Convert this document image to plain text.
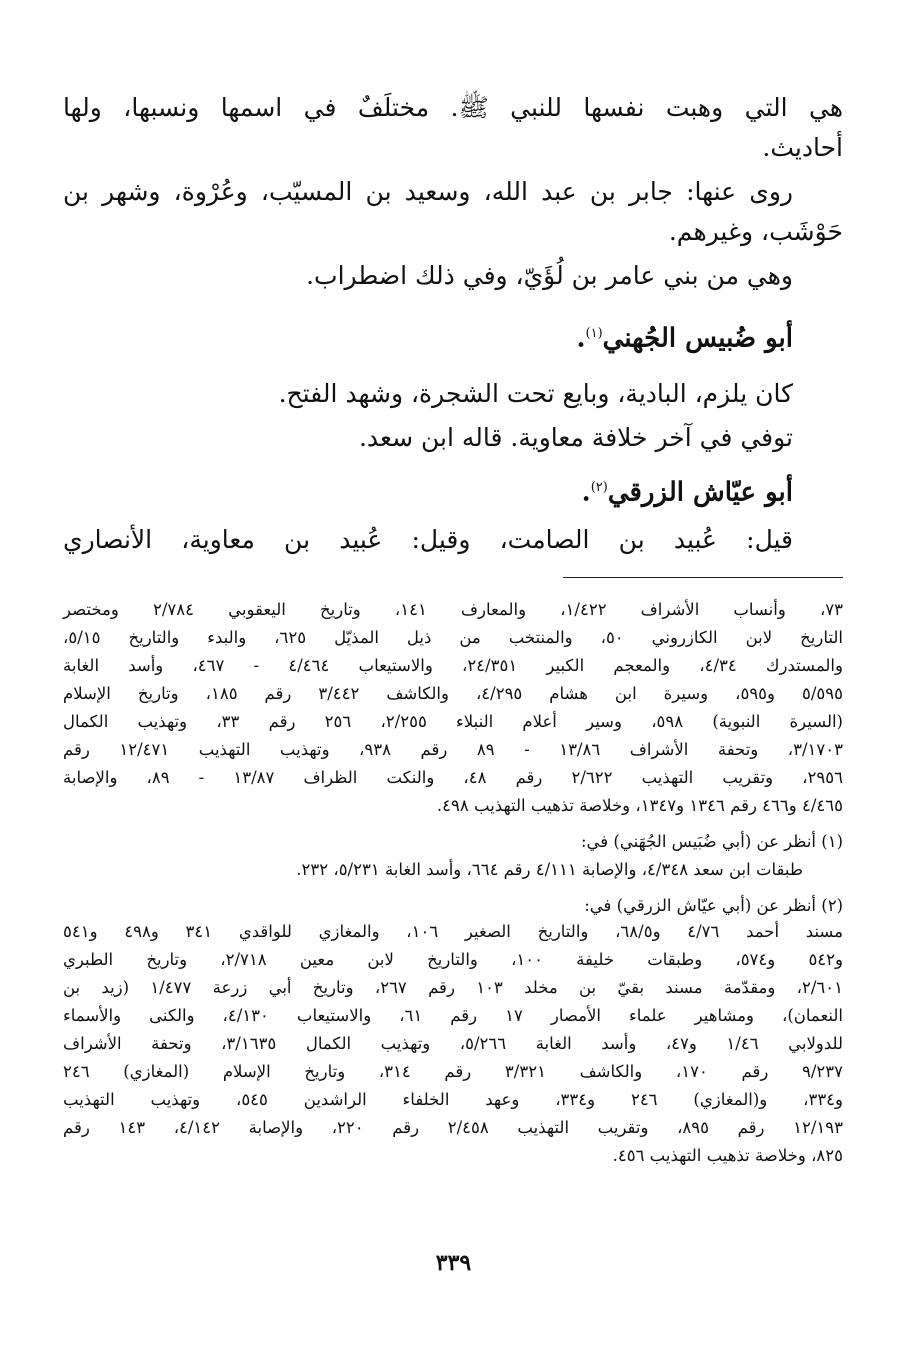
هي التي وهبت نفسها للنبي ﷺ. مختلَفٌ في اسمها ونسبها، ولها
أحاديث.
روى عنها: جابر بن عبد الله، وسعيد بن المسيّب، وعُرْوة، وشهر بن
حَوْشَب، وغيرهم.
وهي من بني عامر بن لُؤَيّ، وفي ذلك اضطراب.
أبو ضُبيس الجُهني$^{(١)}$.
كان يلزم، البادية، وبايع تحت الشجرة، وشهد الفتح.
توفي في آخر خلافة معاوية. قاله ابن سعد.
أبو عيّاش الزرقي$^{(٢)}$.
قيل: عُبيد بن الصامت، وقيل: عُبيد بن معاوية، الأنصاري
٧٣، وأنساب الأشراف ١/٤٢٢، والمعارف ١٤١، وتاريخ اليعقوبي ٢/٧٨٤ ومختصر
التاريخ لابن الكازروني ٥٠، والمنتخب من ذيل المذيّل ٦٢٥، والبدء والتاريخ ٥/١٥،
والمستدرك ٤/٣٤، والمعجم الكبير ٢٤/٣٥١، والاستيعاب ٤/٤٦٤ - ٤٦٧، وأسد الغابة
٥/٥٩٥ و٥٩٥، وسيرة ابن هشام ٤/٢٩٥، والكاشف ٣/٤٤٢ رقم ١٨٥، وتاريخ الإسلام
(السيرة النبوية) ٥٩٨، وسير أعلام النبلاء ٢/٢٥٥، ٢٥٦ رقم ٣٣، وتهذيب الكمال
٣/١٧٠٣، وتحفة الأشراف ١٣/٨٦ - ٨٩ رقم ٩٣٨، وتهذيب التهذيب ١٢/٤٧١ رقم
٢٩٥٦، وتقريب التهذيب ٢/٦٢٢ رقم ٤٨، والنكت الظراف ١٣/٨٧ - ٨٩، والإصابة
٤/٤٦٥ و٤٦٦ رقم ١٣٤٦ و١٣٤٧، وخلاصة تذهيب التهذيب ٤٩٨.
(١) أنظر عن (أبي ضُبَيس الجُهَني) في:
طبقات ابن سعد ٤/٣٤٨، والإصابة ٤/١١١ رقم ٦٦٤، وأسد الغابة ٥/٢٣١، ٢٣٢.
(٢) أنظر عن (أبي عيّاش الزرقي) في:
مسند أحمد ٤/٧٦ و٦٨/٥، والتاريخ الصغير ١٠٦، والمغازي للواقدي ٣٤١ و٤٩٨ و٥٤١
و٥٤٢ و٥٧٤، وطبقات خليفة ١٠٠، والتاريخ لابن معين ٢/٧١٨، وتاريخ الطبري
٢/٦٠١، ومقدّمة مسند بقيّ بن مخلد ١٠٣ رقم ٢٦٧، وتاريخ أبي زرعة ١/٤٧٧ (زيد بن
النعمان)، ومشاهير علماء الأمصار ١٧ رقم ٦١، والاستيعاب ٤/١٣٠، والكنى والأسماء
للدولابي ١/٤٦ و٤٧، وأسد الغابة ٥/٢٦٦، وتهذيب الكمال ٣/١٦٣٥، وتحفة الأشراف
٩/٢٣٧ رقم ١٧٠، والكاشف ٣/٣٢١ رقم ٣١٤، وتاريخ الإسلام (المغازي) ٢٤٦
و٣٣٤، و(المغازي) ٢٤٦ و٣٣٤، وعهد الخلفاء الراشدين ٥٤٥، وتهذيب التهذيب
١٢/١٩٣ رقم ٨٩٥، وتقريب التهذيب ٢/٤٥٨ رقم ٢٢٠، والإصابة ٤/١٤٢، ١٤٣ رقم
٨٢٥، وخلاصة تذهيب التهذيب ٤٥٦.
٣٣٩
